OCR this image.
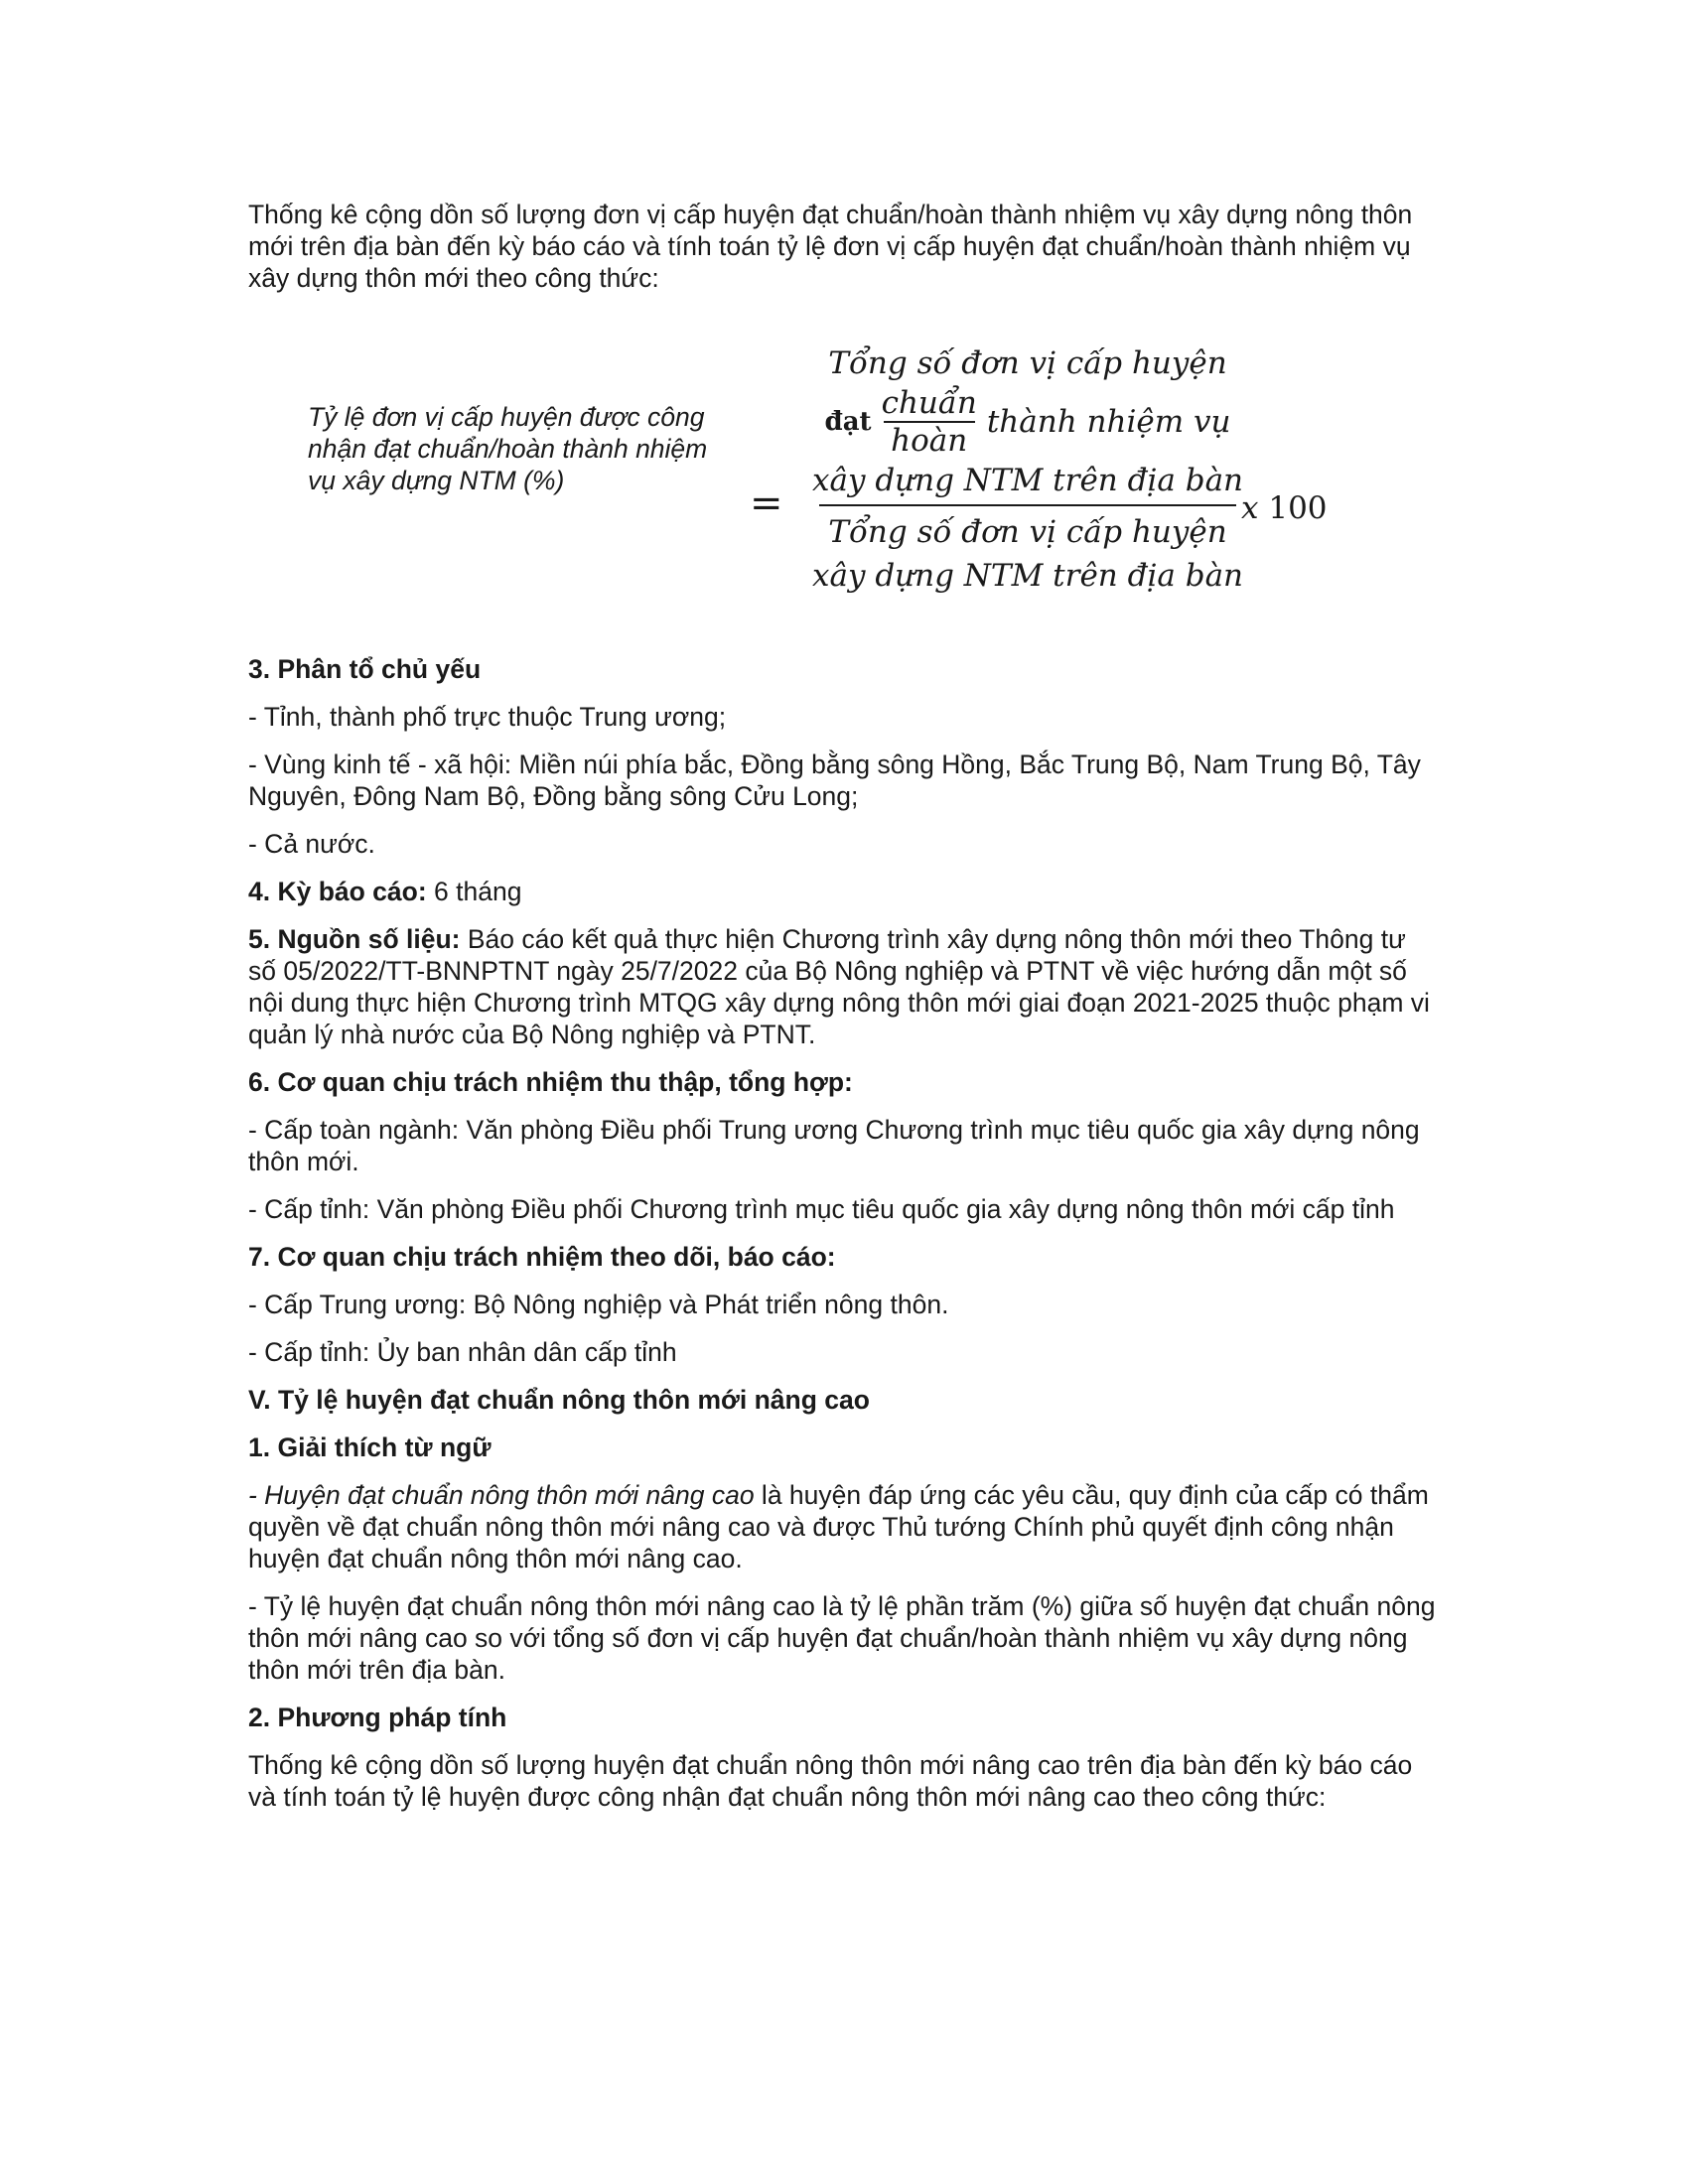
Thống kê cộng dồn số lượng đơn vị cấp huyện đạt chuẩn/hoàn thành nhiệm vụ xây dựng nông thôn mới trên địa bàn đến kỳ báo cáo và tính toán tỷ lệ đơn vị cấp huyện đạt chuẩn/hoàn thành nhiệm vụ xây dựng thôn mới theo công thức:

Tỷ lệ đơn vị cấp huyện được công nhận đạt chuẩn/hoàn thành nhiệm vụ xây dựng NTM (%)	=
Tổng số đơn vị cấp huyện
đạt $\frac{\text{chuẩn}}{\text{hoàn}}$ thành nhiệm vụ
xây dựng NTM trên địa bàn
Tổng số đơn vị cấp huyện
xây dựng NTM trên địa bàn
x 100

3. Phân tổ chủ yếu

- Tỉnh, thành phố trực thuộc Trung ương;

- Vùng kinh tế - xã hội: Miền núi phía bắc, Đồng bằng sông Hồng, Bắc Trung Bộ, Nam Trung Bộ, Tây Nguyên, Đông Nam Bộ, Đồng bằng sông Cửu Long;

- Cả nước.

4. Kỳ báo cáo: 6 tháng

5. Nguồn số liệu: Báo cáo kết quả thực hiện Chương trình xây dựng nông thôn mới theo Thông tư số 05/2022/TT-BNNPTNT ngày 25/7/2022 của Bộ Nông nghiệp và PTNT về việc hướng dẫn một số nội dung thực hiện Chương trình MTQG xây dựng nông thôn mới giai đoạn 2021-2025 thuộc phạm vi quản lý nhà nước của Bộ Nông nghiệp và PTNT.

6. Cơ quan chịu trách nhiệm thu thập, tổng hợp:

- Cấp toàn ngành: Văn phòng Điều phối Trung ương Chương trình mục tiêu quốc gia xây dựng nông thôn mới.

- Cấp tỉnh: Văn phòng Điều phối Chương trình mục tiêu quốc gia xây dựng nông thôn mới cấp tỉnh

7. Cơ quan chịu trách nhiệm theo dõi, báo cáo:

- Cấp Trung ương: Bộ Nông nghiệp và Phát triển nông thôn.

- Cấp tỉnh: Ủy ban nhân dân cấp tỉnh

V. Tỷ lệ huyện đạt chuẩn nông thôn mới nâng cao

1. Giải thích từ ngữ

- Huyện đạt chuẩn nông thôn mới nâng cao là huyện đáp ứng các yêu cầu, quy định của cấp có thẩm quyền về đạt chuẩn nông thôn mới nâng cao và được Thủ tướng Chính phủ quyết định công nhận huyện đạt chuẩn nông thôn mới nâng cao.

- Tỷ lệ huyện đạt chuẩn nông thôn mới nâng cao là tỷ lệ phần trăm (%) giữa số huyện đạt chuẩn nông thôn mới nâng cao so với tổng số đơn vị cấp huyện đạt chuẩn/hoàn thành nhiệm vụ xây dựng nông thôn mới trên địa bàn.

2. Phương pháp tính

Thống kê cộng dồn số lượng huyện đạt chuẩn nông thôn mới nâng cao trên địa bàn đến kỳ báo cáo và tính toán tỷ lệ huyện được công nhận đạt chuẩn nông thôn mới nâng cao theo công thức:
